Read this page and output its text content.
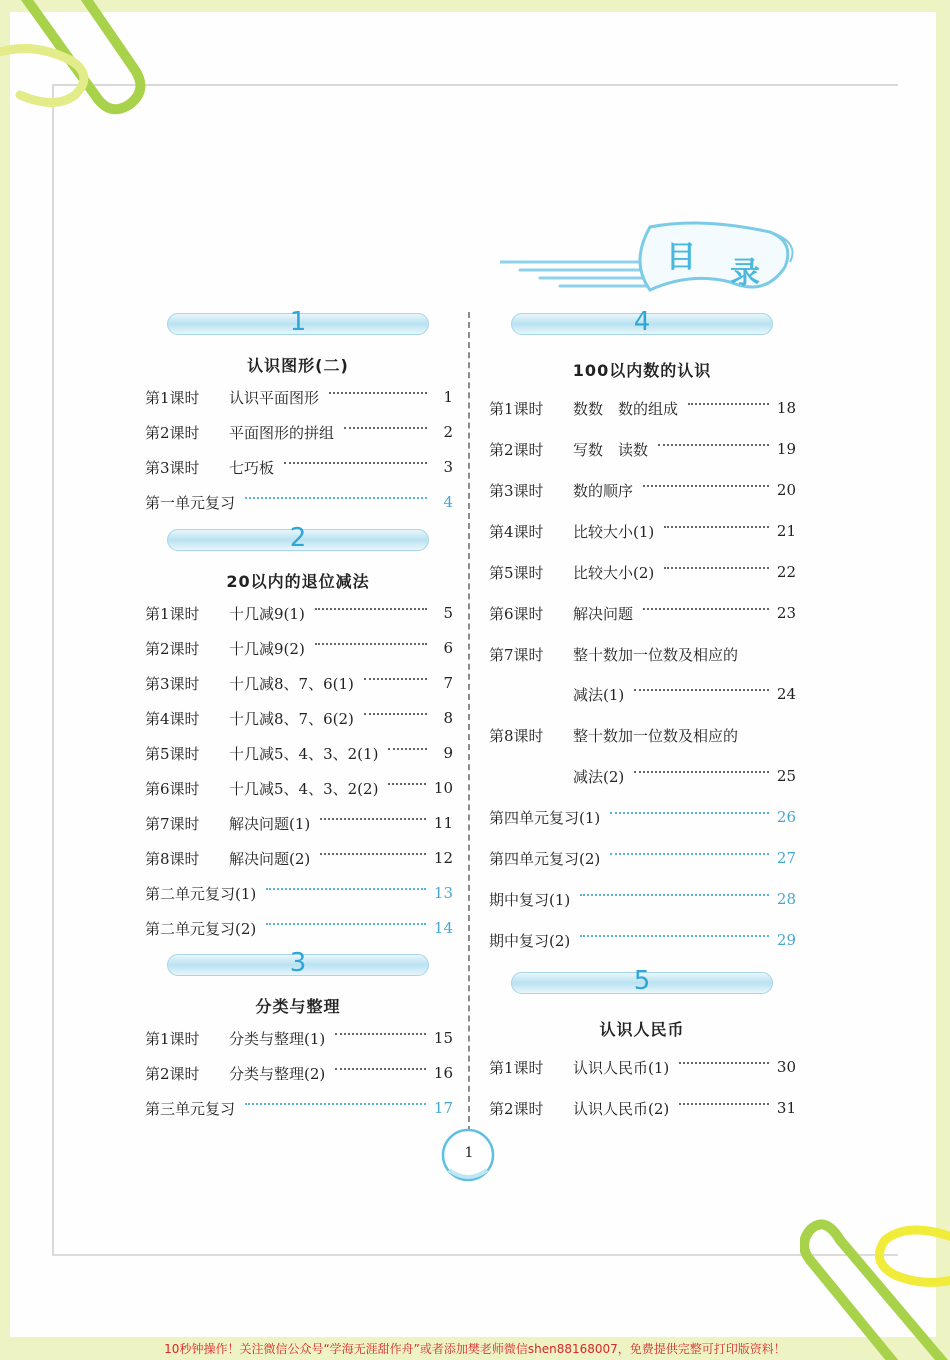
目 录
1
认识图形(二)
第1课时	认识平面图形	1
第2课时	平面图形的拼组	2
第3课时	七巧板	3
第一单元复习	4
2
20以内的退位减法
第1课时	十几减9(1)	5
第2课时	十几减9(2)	6
第3课时	十几减8、7、6(1)	7
第4课时	十几减8、7、6(2)	8
第5课时	十几减5、4、3、2(1)	9
第6课时	十几减5、4、3、2(2)	10
第7课时	解决问题(1)	11
第8课时	解决问题(2)	12
第二单元复习(1)	13
第二单元复习(2)	14
3
分类与整理
第1课时	分类与整理(1)	15
第2课时	分类与整理(2)	16
第三单元复习	17
4
100以内数的认识
第1课时	数数　数的组成	18
第2课时	写数　读数	19
第3课时	数的顺序	20
第4课时	比较大小(1)	21
第5课时	比较大小(2)	22
第6课时	解决问题	23
第7课时	整十数加一位数及相应的
减法(1)	24
第8课时	整十数加一位数及相应的
减法(2)	25
第四单元复习(1)	26
第四单元复习(2)	27
期中复习(1)	28
期中复习(2)	29
5
认识人民币
第1课时	认识人民币(1)	30
第2课时	认识人民币(2)	31
1
10秒钟操作！关注微信公众号“学海无涯甜作舟”或者添加樊老师微信shen88168007，免费提供完整可打印版资料！
